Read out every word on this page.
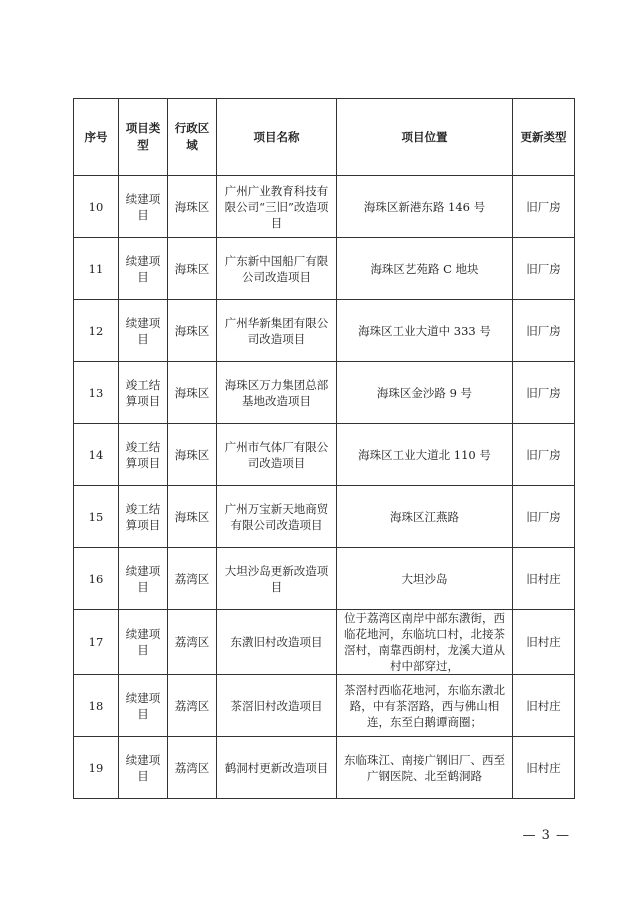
序号	项目类型	行政区域	项目名称	项目位置	更新类型
10	续建项目	海珠区	广州广业教育科技有限公司“三旧”改造项目	海珠区新港东路 146 号	旧厂房
11	续建项目	海珠区	广东新中国船厂有限公司改造项目	海珠区艺苑路 C 地块	旧厂房
12	续建项目	海珠区	广州华新集团有限公司改造项目	海珠区工业大道中 333 号	旧厂房
13	竣工结算项目	海珠区	海珠区万力集团总部基地改造项目	海珠区金沙路 9 号	旧厂房
14	竣工结算项目	海珠区	广州市气体厂有限公司改造项目	海珠区工业大道北 110 号	旧厂房
15	竣工结算项目	海珠区	广州万宝新天地商贸有限公司改造项目	海珠区江燕路	旧厂房
16	续建项目	荔湾区	大坦沙岛更新改造项目	大坦沙岛	旧村庄
17	续建项目	荔湾区	东漖旧村改造项目	位于荔湾区南岸中部东漖街，西临花地河，东临坑口村，北接茶滘村，南靠西朗村，龙溪大道从村中部穿过，	旧村庄
18	续建项目	荔湾区	茶滘旧村改造项目	茶滘村西临花地河，东临东漖北路，中有茶滘路，西与佛山相连，东至白鹅谭商圈；	旧村庄
19	续建项目	荔湾区	鹤洞村更新改造项目	东临珠江、南接广钢旧厂、西至广钢医院、北至鹤洞路	旧村庄
— 3 —
